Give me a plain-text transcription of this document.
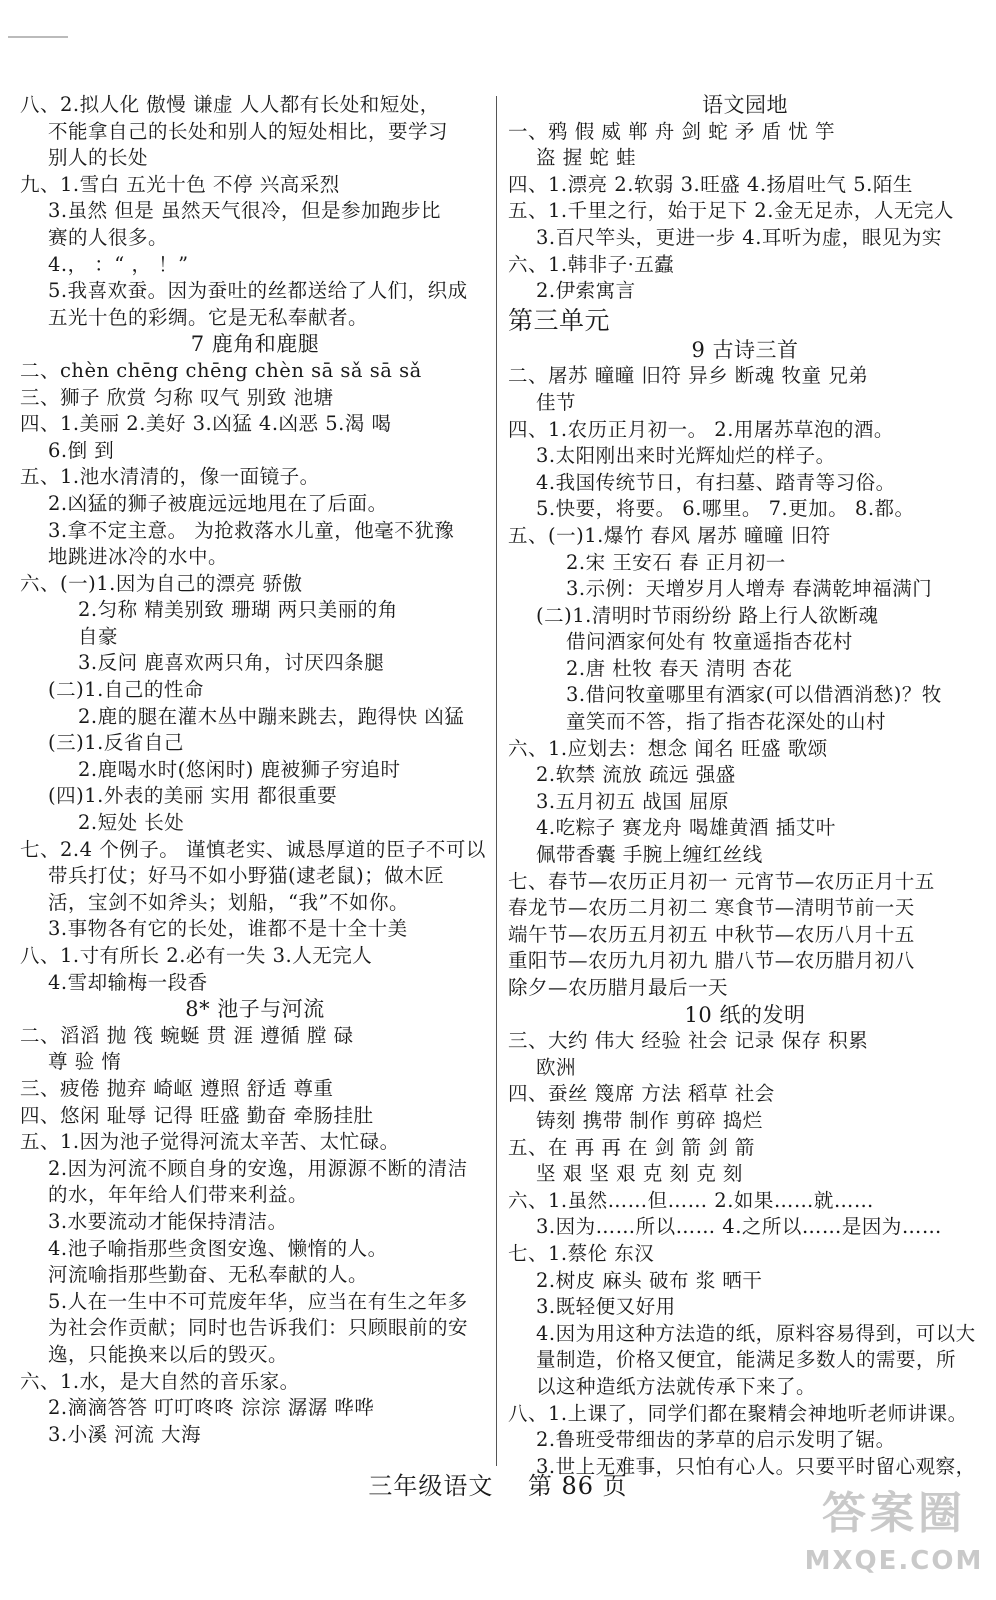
八、2.拟人化 傲慢 谦虚 人人都有长处和短处，
不能拿自己的长处和别人的短处相比，要学习
别人的长处
九、1.雪白 五光十色 不停 兴高采烈
3.虽然 但是 虽然天气很冷，但是参加跑步比
赛的人很多。
4.， ：“ ， ！”
5.我喜欢蚕。因为蚕吐的丝都送给了人们，织成
五光十色的彩绸。它是无私奉献者。
7 鹿角和鹿腿
二、chèn chēng chēng chèn sā sǎ sā sǎ
三、狮子 欣赏 匀称 叹气 别致 池塘
四、1.美丽 2.美好 3.凶猛 4.凶恶 5.渴 喝
6.倒 到
五、1.池水清清的，像一面镜子。
2.凶猛的狮子被鹿远远地甩在了后面。
3.拿不定主意。 为抢救落水儿童，他毫不犹豫
地跳进冰冷的水中。
六、(一)1.因为自己的漂亮 骄傲
2.匀称 精美别致 珊瑚 两只美丽的角
自豪
3.反问 鹿喜欢两只角，讨厌四条腿
(二)1.自己的性命
2.鹿的腿在灌木丛中蹦来跳去，跑得快 凶猛
(三)1.反省自己
2.鹿喝水时(悠闲时) 鹿被狮子穷追时
(四)1.外表的美丽 实用 都很重要
2.短处 长处
七、2.4 个例子。 谨慎老实、诚恳厚道的臣子不可以
带兵打仗；好马不如小野猫(逮老鼠)；做木匠
活，宝剑不如斧头；划船，“我”不如你。
3.事物各有它的长处，谁都不是十全十美
八、1.寸有所长 2.必有一失 3.人无完人
4.雪却输梅一段香
8* 池子与河流
二、滔滔 抛 筏 蜿蜒 贯 涯 遵循 膛 碌
尊 验 惰
三、疲倦 抛弃 崎岖 遵照 舒适 尊重
四、悠闲 耻辱 记得 旺盛 勤奋 牵肠挂肚
五、1.因为池子觉得河流太辛苦、太忙碌。
2.因为河流不顾自身的安逸，用源源不断的清洁
的水，年年给人们带来利益。
3.水要流动才能保持清洁。
4.池子喻指那些贪图安逸、懒惰的人。
河流喻指那些勤奋、无私奉献的人。
5.人在一生中不可荒废年华，应当在有生之年多
为社会作贡献；同时也告诉我们：只顾眼前的安
逸，只能换来以后的毁灭。
六、1.水，是大自然的音乐家。
2.滴滴答答 叮叮咚咚 淙淙 潺潺 哗哗
3.小溪 河流 大海
语文园地
一、鸦 假 威 郸 舟 剑 蛇 矛 盾 忧 竽
盗 握 蛇 蛙
四、1.漂亮 2.软弱 3.旺盛 4.扬眉吐气 5.陌生
五、1.千里之行，始于足下 2.金无足赤，人无完人
3.百尺竿头，更进一步 4.耳听为虚，眼见为实
六、1.韩非子·五蠹
2.伊索寓言
第三单元
9 古诗三首
二、屠苏 曈曈 旧符 异乡 断魂 牧童 兄弟
佳节
四、1.农历正月初一。 2.用屠苏草泡的酒。
3.太阳刚出来时光辉灿烂的样子。
4.我国传统节日，有扫墓、踏青等习俗。
5.快要，将要。 6.哪里。 7.更加。 8.都。
五、(一)1.爆竹 春风 屠苏 曈曈 旧符
2.宋 王安石 春 正月初一
3.示例：天增岁月人增寿 春满乾坤福满门
(二)1.清明时节雨纷纷 路上行人欲断魂
借问酒家何处有 牧童遥指杏花村
2.唐 杜牧 春天 清明 杏花
3.借问牧童哪里有酒家(可以借酒消愁)？牧
童笑而不答，指了指杏花深处的山村
六、1.应划去：想念 闻名 旺盛 歌颂
2.软禁 流放 疏远 强盛
3.五月初五 战国 屈原
4.吃粽子 赛龙舟 喝雄黄酒 插艾叶
佩带香囊 手腕上缠红丝线
七、春节—农历正月初一 元宵节—农历正月十五
春龙节—农历二月初二 寒食节—清明节前一天
端午节—农历五月初五 中秋节—农历八月十五
重阳节—农历九月初九 腊八节—农历腊月初八
除夕—农历腊月最后一天
10 纸的发明
三、大约 伟大 经验 社会 记录 保存 积累
欧洲
四、蚕丝 篾席 方法 稻草 社会
铸刻 携带 制作 剪碎 捣烂
五、在 再 再 在 剑 箭 剑 箭
坚 艰 坚 艰 克 刻 克 刻
六、1.虽然……但…… 2.如果……就……
3.因为……所以…… 4.之所以……是因为……
七、1.蔡伦 东汉
2.树皮 麻头 破布 浆 晒干
3.既轻便又好用
4.因为用这种方法造的纸，原料容易得到，可以大
量制造，价格又便宜，能满足多数人的需要，所
以这种造纸方法就传承下来了。
八、1.上课了，同学们都在聚精会神地听老师讲课。
2.鲁班受带细齿的茅草的启示发明了锯。
3.世上无难事，只怕有心人。只要平时留心观察，
三年级语文 第 86 页
答案圈
MXQE.COM
